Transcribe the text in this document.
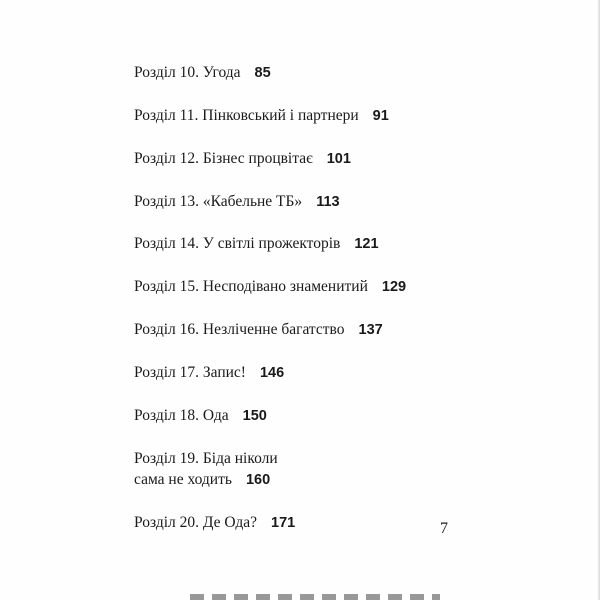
Розділ 10. Угода 85
Розділ 11. Пінковський і партнери 91
Розділ 12. Бізнес процвітає 101
Розділ 13. «Кабельне ТБ» 113
Розділ 14. У світлі прожекторів 121
Розділ 15. Несподівано знаменитий 129
Розділ 16. Незліченне багатство 137
Розділ 17. Запис! 146
Розділ 18. Ода 150
Розділ 19. Біда ніколи
сама не ходить 160
Розділ 20. Де Ода? 171	7
